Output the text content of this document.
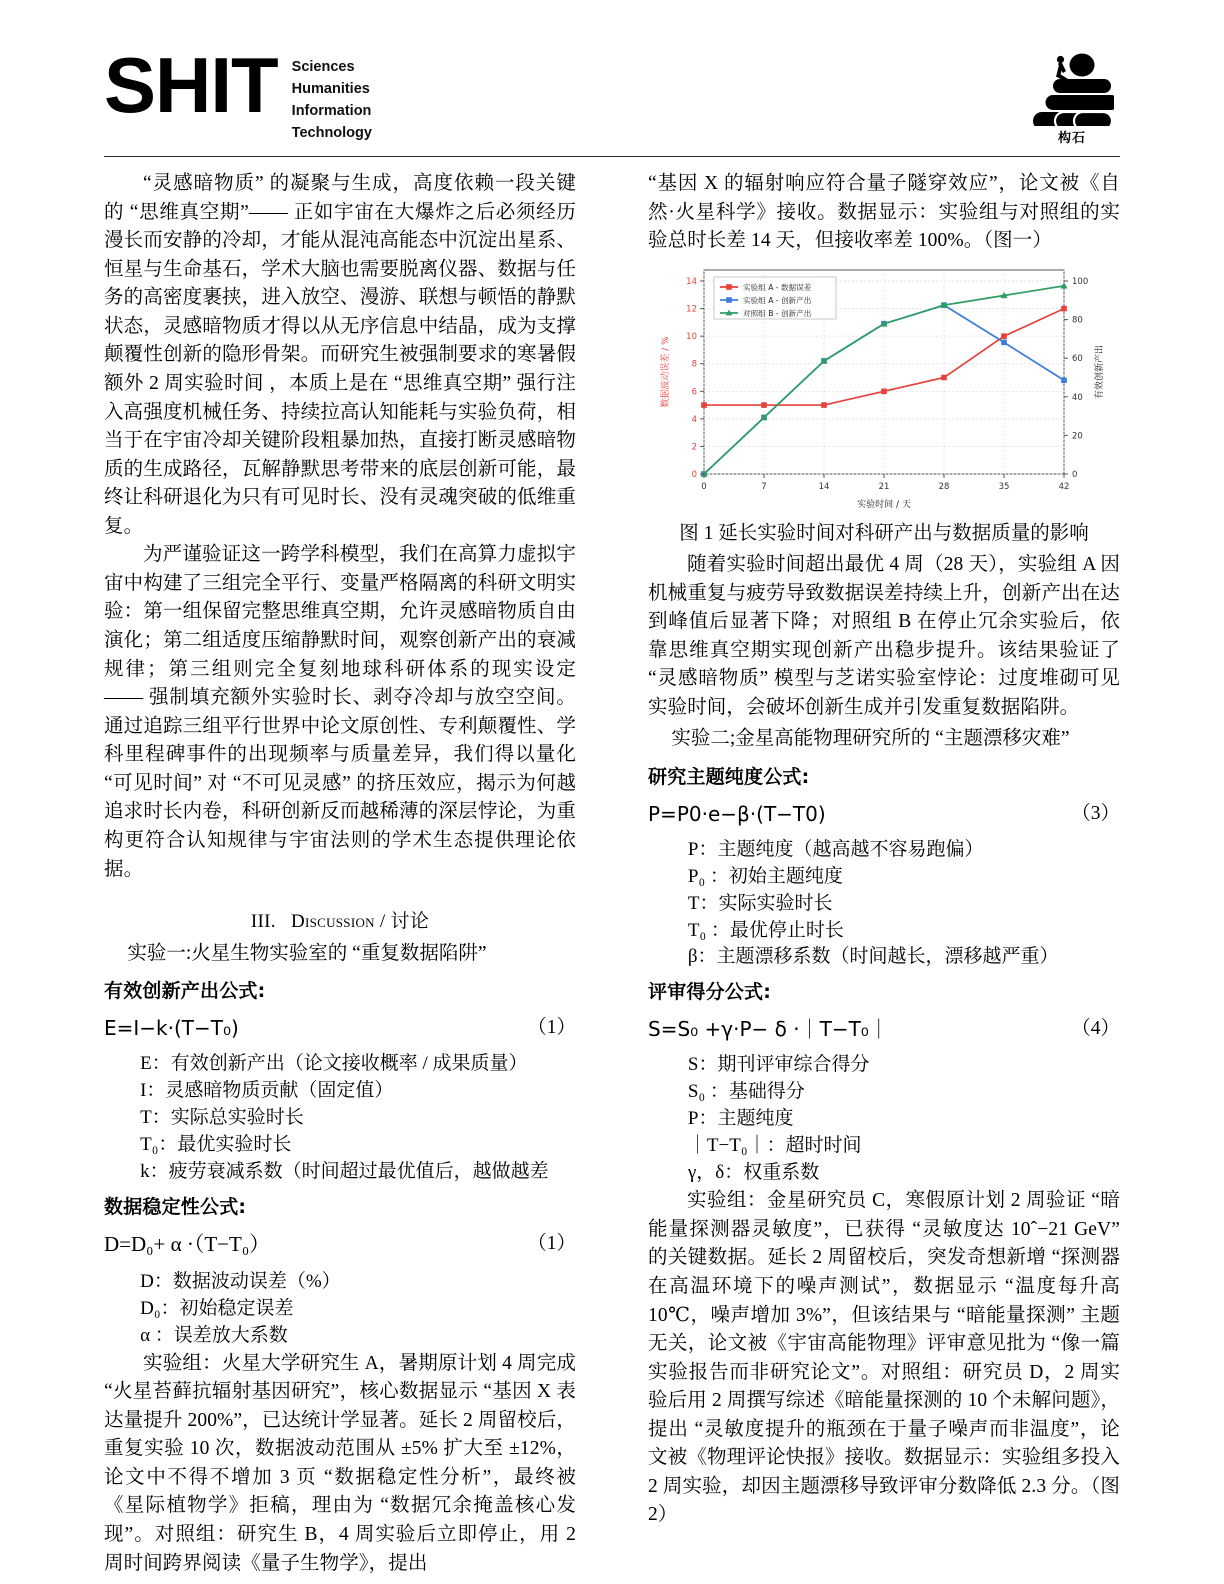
SHIT Sciences
Humanities
Information
Technology	构石

“灵感暗物质” 的凝聚与生成，高度依赖一段关键的 “思维真空期”—— 正如宇宙在大爆炸之后必须经历漫长而安静的冷却，才能从混沌高能态中沉淀出星系、恒星与生命基石，学术大脑也需要脱离仪器、数据与任务的高密度裹挟，进入放空、漫游、联想与顿悟的静默状态，灵感暗物质才得以从无序信息中结晶，成为支撑颠覆性创新的隐形骨架。而研究生被强制要求的寒暑假额外 2 周实验时间 ，本质上是在 “思维真空期” 强行注入高强度机械任务、持续拉高认知能耗与实验负荷，相当于在宇宙冷却关键阶段粗暴加热，直接打断灵感暗物质的生成路径，瓦解静默思考带来的底层创新可能，最终让科研退化为只有可见时长、没有灵魂突破的低维重复。

为严谨验证这一跨学科模型，我们在高算力虚拟宇宙中构建了三组完全平行、变量严格隔离的科研文明实验：第一组保留完整思维真空期，允许灵感暗物质自由演化；第二组适度压缩静默时间，观察创新产出的衰减规律；第三组则完全复刻地球科研体系的现实设定 —— 强制填充额外实验时长、剥夺冷却与放空空间。通过追踪三组平行世界中论文原创性、专利颠覆性、学科里程碑事件的出现频率与质量差异，我们得以量化 “可见时间” 对 “不可见灵感” 的挤压效应，揭示为何越追求时长内卷，科研创新反而越稀薄的深层悖论，为重构更符合认知规律与宇宙法则的学术生态提供理论依据。

III. Discussion / 讨论
实验一:火星生物实验室的 “重复数据陷阱”
有效创新产出公式:
E=I−k·(T−T₀)	（1）
E：有效创新产出（论文接收概率 / 成果质量）
I：灵感暗物质贡献（固定值）
T：实际总实验时长
T₀：最优实验时长
k：疲劳衰减系数（时间超过最优值后，越做越差
数据稳定性公式:
D=D₀+ α ·（T−T₀）	（1）
D：数据波动误差（%）
D₀：初始稳定误差
α ：误差放大系数

实验组：火星大学研究生 A，暑期原计划 4 周完成 “火星苔藓抗辐射基因研究”，核心数据显示 “基因 X 表达量提升 200%”，已达统计学显著。延长 2 周留校后，重复实验 10 次，数据波动范围从 ±5% 扩大至 ±12%，论文中不得不增加 3 页 “数据稳定性分析”，最终被《星际植物学》拒稿，理由为 “数据冗余掩盖核心发现”。对照组：研究生 B，4 周实验后立即停止，用 2 周时间跨界阅读《量子生物学》，提出

“基因 X 的辐射响应符合量子隧穿效应”，论文被《自然·火星科学》接收。数据显示：实验组与对照组的实验总时长差 14 天，但接收率差 100%。（图一）

0	7	14	21	28	35	42
0
2
4
6
8
10
12
14
0
20
40
60
80
100
实验时间 / 天
数据波动误差 / %	有效创新产出
实验组 A - 数据误差
实验组 A - 创新产出
对照组 B - 创新产出
图 1 延长实验时间对科研产出与数据质量的影响

随着实验时间超出最优 4 周（28 天），实验组 A 因机械重复与疲劳导致数据误差持续上升，创新产出在达到峰值后显著下降；对照组 B 在停止冗余实验后，依靠思维真空期实现创新产出稳步提升。该结果验证了 “灵感暗物质” 模型与芝诺实验室悖论：过度堆砌可见实验时间，会破坏创新生成并引发重复数据陷阱。

实验二;金星高能物理研究所的 “主题漂移灾难”
研究主题纯度公式:
P=P0·e−β·(T−T0)	（3）
P：主题纯度（越高越不容易跑偏）
P₀ ：初始主题纯度
T：实际实验时长
T₀ ：最优停止时长
β：主题漂移系数（时间越长，漂移越严重）
评审得分公式:
S=S₀ +γ·P− δ ·｜T−T₀｜	（4）
S：期刊评审综合得分
S₀ ：基础得分
P：主题纯度
｜T−T₀｜：超时时间
γ，δ：权重系数

实验组：金星研究员 C，寒假原计划 2 周验证 “暗能量探测器灵敏度”，已获得 “灵敏度达 10ˆ−21 GeV” 的关键数据。延长 2 周留校后，突发奇想新增 “探测器在高温环境下的噪声测试”，数据显示 “温度每升高 10℃，噪声增加 3%”，但该结果与 “暗能量探测” 主题无关，论文被《宇宙高能物理》评审意见批为 “像一篇实验报告而非研究论文”。对照组：研究员 D，2 周实验后用 2 周撰写综述《暗能量探测的 10 个未解问题》，提出 “灵敏度提升的瓶颈在于量子噪声而非温度”，论文被《物理评论快报》接收。数据显示：实验组多投入 2 周实验，却因主题漂移导致评审分数降低 2.3 分。（图2）
